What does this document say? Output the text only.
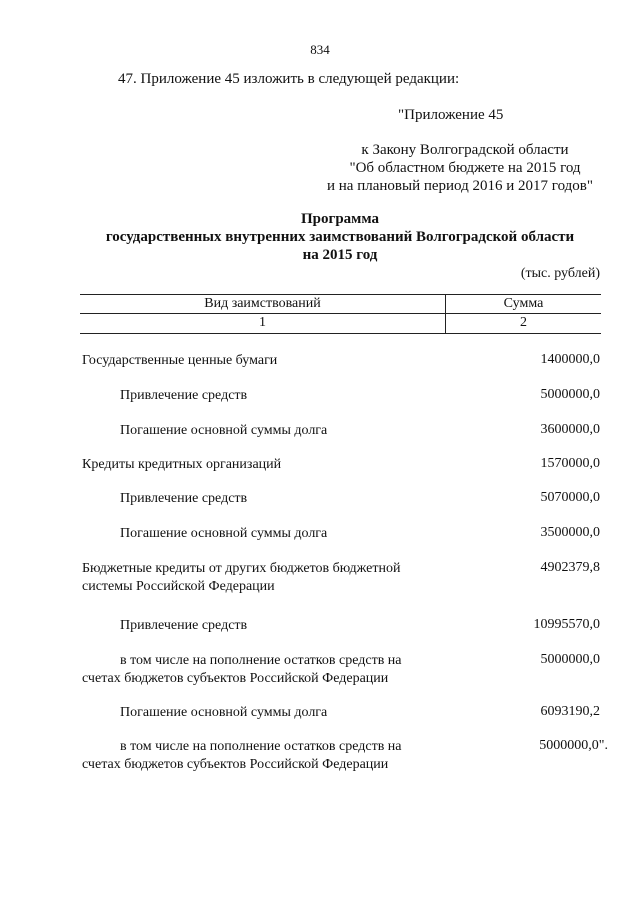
834
47. Приложение 45 изложить в следующей редакции:
"Приложение 45
к Закону Волгоградской области
"Об областном бюджете на 2015 год
и на плановый период 2016 и 2017 годов"
Программа
государственных внутренних заимствований Волгоградской области
на 2015 год
(тыс. рублей)
Вид заимствований	Сумма
1	2
Государственные ценные бумаги	1400000,0
Привлечение средств	5000000,0
Погашение основной суммы долга	3600000,0
Кредиты кредитных организаций	1570000,0
Привлечение средств	5070000,0
Погашение основной суммы долга	3500000,0
Бюджетные кредиты от других бюджетов бюджетной
системы Российской Федерации
4902379,8
Привлечение средств	10995570,0
в том числе на пополнение остатков средств на
счетах бюджетов субъектов Российской Федерации
5000000,0
Погашение основной суммы долга	6093190,2
в том числе на пополнение остатков средств на
счетах бюджетов субъектов Российской Федерации
5000000,0".
